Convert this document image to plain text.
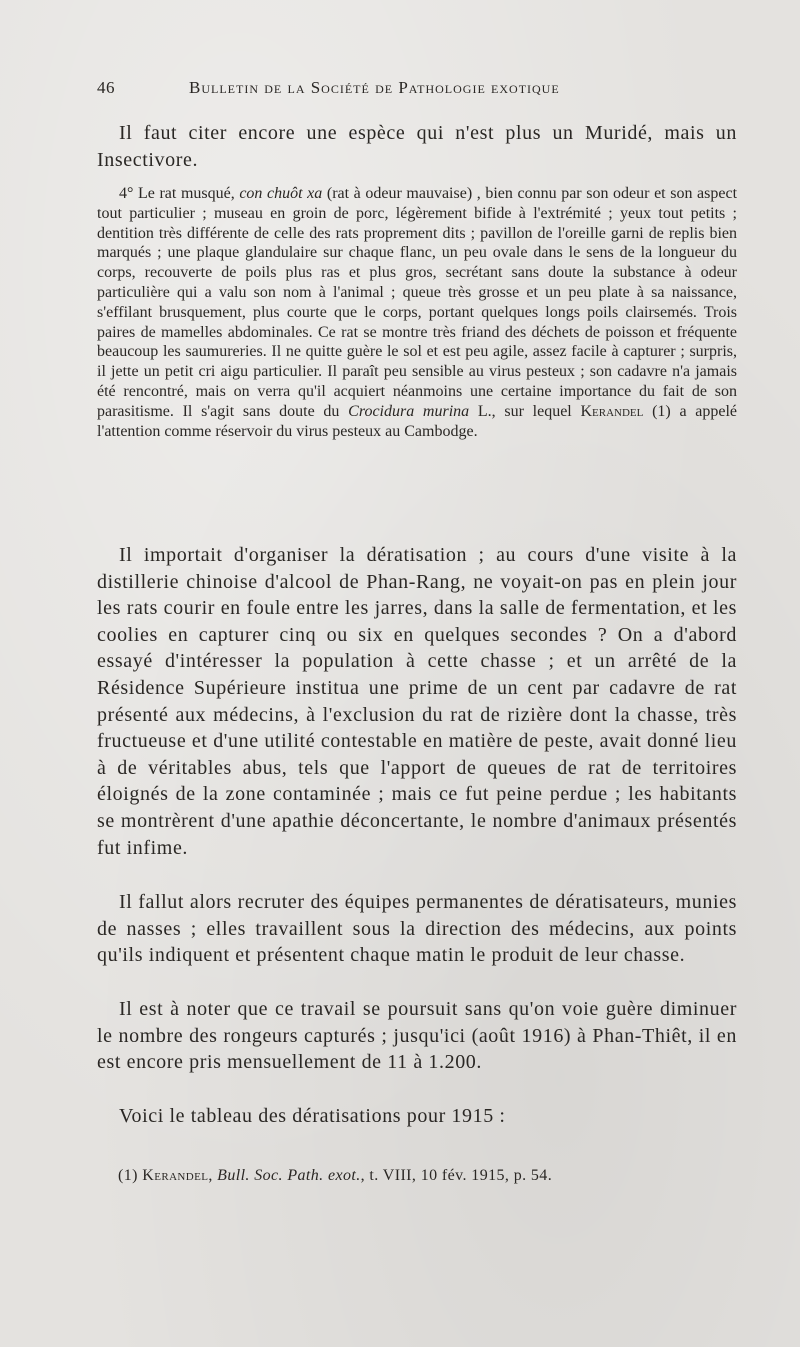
46	Bulletin de la Société de Pathologie exotique
Il faut citer encore une espèce qui n'est plus un Muridé, mais un Insectivore.
4° Le rat musqué, con chuôt xa (rat à odeur mauvaise) , bien connu par son odeur et son aspect tout particulier ; museau en groin de porc, légèrement bifide à l'extrémité ; yeux tout petits ; dentition très différente de celle des rats proprement dits ; pavillon de l'oreille garni de replis bien marqués ; une plaque glandulaire sur chaque flanc, un peu ovale dans le sens de la longueur du corps, recouverte de poils plus ras et plus gros, secrétant sans doute la substance à odeur particulière qui a valu son nom à l'animal ; queue très grosse et un peu plate à sa naissance, s'effilant brusquement, plus courte que le corps, portant quelques longs poils clairsemés. Trois paires de mamelles abdominales. Ce rat se montre très friand des déchets de poisson et fréquente beaucoup les saumureries. Il ne quitte guère le sol et est peu agile, assez facile à capturer ; surpris, il jette un petit cri aigu particulier. Il paraît peu sensible au virus pesteux ; son cadavre n'a jamais été rencontré, mais on verra qu'il acquiert néanmoins une certaine importance du fait de son parasitisme. Il s'agit sans doute du Crocidura murina L., sur lequel Kerandel (1) a appelé l'attention comme réservoir du virus pesteux au Cambodge.
Il importait d'organiser la dératisation ; au cours d'une visite à la distillerie chinoise d'alcool de Phan-Rang, ne voyait-on pas en plein jour les rats courir en foule entre les jarres, dans la salle de fermentation, et les coolies en capturer cinq ou six en quelques secondes ? On a d'abord essayé d'intéresser la population à cette chasse ; et un arrêté de la Résidence Supérieure institua une prime de un cent par cadavre de rat présenté aux médecins, à l'exclusion du rat de rizière dont la chasse, très fructueuse et d'une utilité contestable en matière de peste, avait donné lieu à de véritables abus, tels que l'apport de queues de rat de territoires éloignés de la zone contaminée ; mais ce fut peine perdue ; les habitants se montrèrent d'une apathie déconcertante, le nombre d'animaux présentés fut infime.
Il fallut alors recruter des équipes permanentes de dératisateurs, munies de nasses ; elles travaillent sous la direction des médecins, aux points qu'ils indiquent et présentent chaque matin le produit de leur chasse.
Il est à noter que ce travail se poursuit sans qu'on voie guère diminuer le nombre des rongeurs capturés ; jusqu'ici (août 1916) à Phan-Thiêt, il en est encore pris mensuellement de 11 à 1.200.
Voici le tableau des dératisations pour 1915 :
(1) Kerandel, Bull. Soc. Path. exot., t. VIII, 10 fév. 1915, p. 54.
